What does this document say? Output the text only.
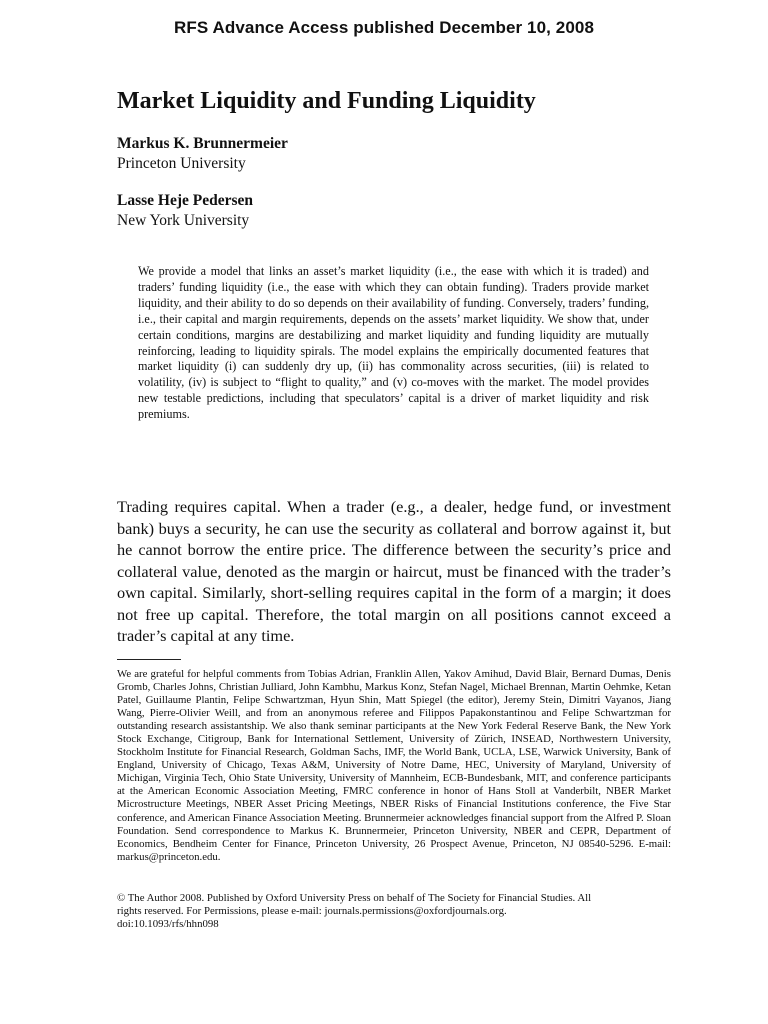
RFS Advance Access published December 10, 2008
Market Liquidity and Funding Liquidity
Markus K. Brunnermeier
Princeton University
Lasse Heje Pedersen
New York University

We provide a model that links an asset’s market liquidity (i.e., the ease with which it is traded) and traders’ funding liquidity (i.e., the ease with which they can obtain funding). Traders provide market liquidity, and their ability to do so depends on their availability of funding. Conversely, traders’ funding, i.e., their capital and margin requirements, depends on the assets’ market liquidity. We show that, under certain conditions, margins are destabilizing and market liquidity and funding liquidity are mutually reinforcing, leading to liquidity spirals. The model explains the empirically documented features that market liquidity (i) can suddenly dry up, (ii) has commonality across securities, (iii) is related to volatility, (iv) is subject to “flight to quality,” and (v) co-moves with the market. The model provides new testable predictions, including that speculators’ capital is a driver of market liquidity and risk premiums.

Trading requires capital. When a trader (e.g., a dealer, hedge fund, or investment bank) buys a security, he can use the security as collateral and borrow against it, but he cannot borrow the entire price. The difference between the security’s price and collateral value, denoted as the margin or haircut, must be financed with the trader’s own capital. Similarly, short-selling requires capital in the form of a margin; it does not free up capital. Therefore, the total margin on all positions cannot exceed a trader’s capital at any time.

We are grateful for helpful comments from Tobias Adrian, Franklin Allen, Yakov Amihud, David Blair, Bernard Dumas, Denis Gromb, Charles Johns, Christian Julliard, John Kambhu, Markus Konz, Stefan Nagel, Michael Brennan, Martin Oehmke, Ketan Patel, Guillaume Plantin, Felipe Schwartzman, Hyun Shin, Matt Spiegel (the editor), Jeremy Stein, Dimitri Vayanos, Jiang Wang, Pierre-Olivier Weill, and from an anonymous referee and Filippos Papakonstantinou and Felipe Schwartzman for outstanding research assistantship. We also thank seminar participants at the New York Federal Reserve Bank, the New York Stock Exchange, Citigroup, Bank for International Settlement, University of Zürich, INSEAD, Northwestern University, Stockholm Institute for Financial Research, Goldman Sachs, IMF, the World Bank, UCLA, LSE, Warwick University, Bank of England, University of Chicago, Texas A&M, University of Notre Dame, HEC, University of Maryland, University of Michigan, Virginia Tech, Ohio State University, University of Mannheim, ECB-Bundesbank, MIT, and conference participants at the American Economic Association Meeting, FMRC conference in honor of Hans Stoll at Vanderbilt, NBER Market Microstructure Meetings, NBER Asset Pricing Meetings, NBER Risks of Financial Institutions conference, the Five Star conference, and American Finance Association Meeting. Brunnermeier acknowledges financial support from the Alfred P. Sloan Foundation. Send correspondence to Markus K. Brunnermeier, Princeton University, NBER and CEPR, Department of Economics, Bendheim Center for Finance, Princeton University, 26 Prospect Avenue, Princeton, NJ 08540-5296. E-mail: markus@princeton.edu.

© The Author 2008. Published by Oxford University Press on behalf of The Society for Financial Studies. All
rights reserved. For Permissions, please e-mail: journals.permissions@oxfordjournals.org.
doi:10.1093/rfs/hhn098
